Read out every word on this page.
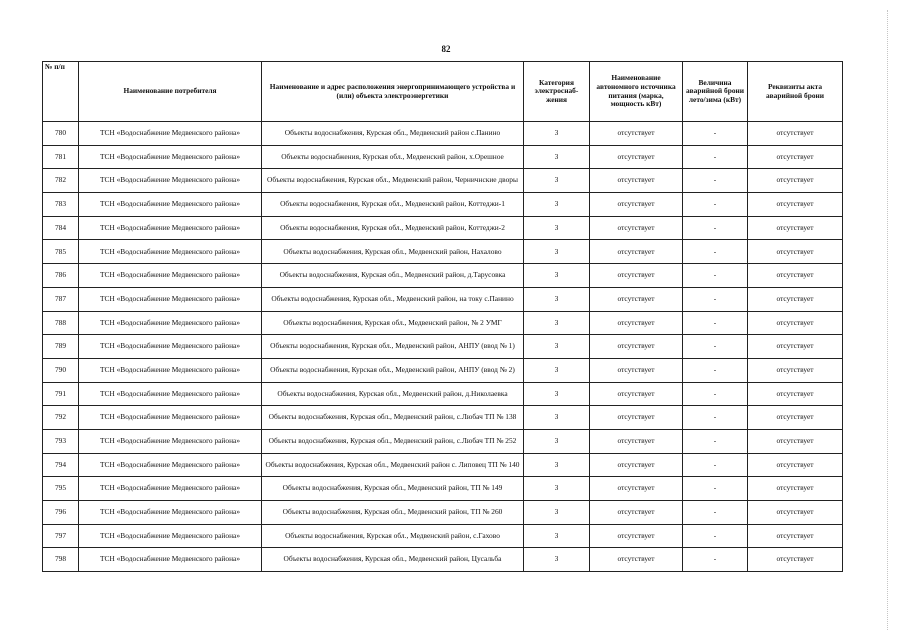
82
№ п/п	Наименование потребителя	Наименование и адрес расположения энергопринимающего устройства и (или) объекта электроэнергетики	Категория электроснаб-жения	Наименование автономного источника питания (марка, мощность кВт)	Величина аварийной брони лето/зима (кВт)	Реквизиты акта аварийной брони
780	ТСН «Водоснабжение Медвенского района»	Объекты водоснабжения, Курская обл., Медвенский район с.Панино	3	отсутствует	-	отсутствует
781	ТСН «Водоснабжение Медвенского района»	Объекты водоснабжения, Курская обл., Медвенский район, х.Орешное	3	отсутствует	-	отсутствует
782	ТСН «Водоснабжение Медвенского района»	Объекты водоснабжения, Курская обл., Медвенский район, Черничнские дворы	3	отсутствует	-	отсутствует
783	ТСН «Водоснабжение Медвенского района»	Объекты водоснабжения, Курская обл., Медвенский район, Коттеджи-1	3	отсутствует	-	отсутствует
784	ТСН «Водоснабжение Медвенского района»	Объекты водоснабжения, Курская обл., Медвенский район, Коттеджи-2	3	отсутствует	-	отсутствует
785	ТСН «Водоснабжение Медвенского района»	Объекты водоснабжения, Курская обл., Медвенский район, Нахалово	3	отсутствует	-	отсутствует
786	ТСН «Водоснабжение Медвенского района»	Объекты водоснабжения, Курская обл., Медвенский район, д.Тарусовка	3	отсутствует	-	отсутствует
787	ТСН «Водоснабжение Медвенского района»	Объекты водоснабжения, Курская обл., Медвенский район, на току с.Панино	3	отсутствует	-	отсутствует
788	ТСН «Водоснабжение Медвенского района»	Объекты водоснабжения, Курская обл., Медвенский район, № 2 УМГ	3	отсутствует	-	отсутствует
789	ТСН «Водоснабжение Медвенского района»	Объекты водоснабжения, Курская обл., Медвенский район, АНПУ (ввод № 1)	3	отсутствует	-	отсутствует
790	ТСН «Водоснабжение Медвенского района»	Объекты водоснабжения, Курская обл., Медвенский район, АНПУ (ввод № 2)	3	отсутствует	-	отсутствует
791	ТСН «Водоснабжение Медвенского района»	Объекты водоснабжения, Курская обл., Медвенский район, д.Николаевка	3	отсутствует	-	отсутствует
792	ТСН «Водоснабжение Медвенского района»	Объекты водоснабжения, Курская обл., Медвенский район, с.Любач ТП № 138	3	отсутствует	-	отсутствует
793	ТСН «Водоснабжение Медвенского района»	Объекты водоснабжения, Курская обл., Медвенский район, с.Любач ТП № 252	3	отсутствует	-	отсутствует
794	ТСН «Водоснабжение Медвенского района»	Объекты водоснабжения, Курская обл., Медвенский район с. Липовец ТП № 140	3	отсутствует	-	отсутствует
795	ТСН «Водоснабжение Медвенского района»	Объекты водоснабжения, Курская обл., Медвенский район, ТП № 149	3	отсутствует	-	отсутствует
796	ТСН «Водоснабжение Медвенского района»	Объекты водоснабжения, Курская обл., Медвенский район, ТП № 260	3	отсутствует	-	отсутствует
797	ТСН «Водоснабжение Медвенского района»	Объекты водоснабжения, Курская обл., Медвенский район, с.Гахово	3	отсутствует	-	отсутствует
798	ТСН «Водоснабжение Медвенского района»	Объекты водоснабжения, Курская обл., Медвенский район, Цусальба	3	отсутствует	-	отсутствует
